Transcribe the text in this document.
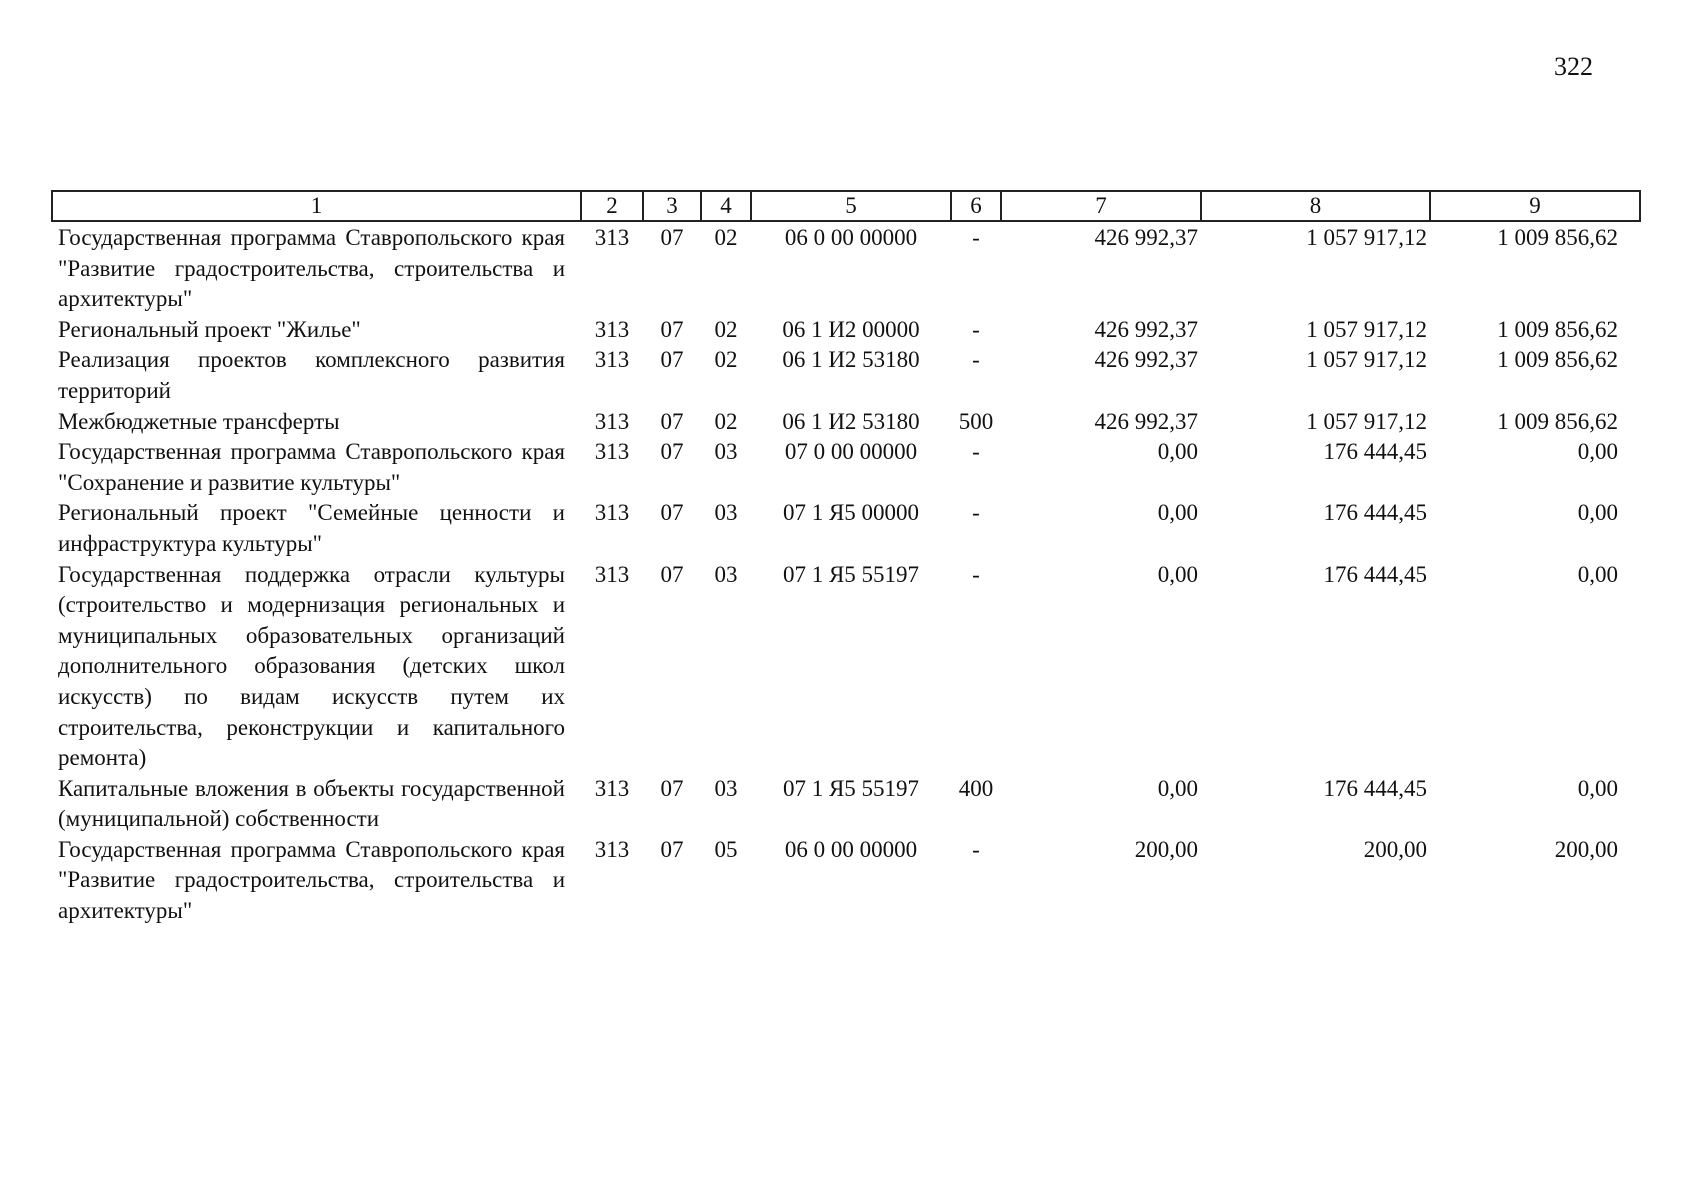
322
1	2	3	4	5	6	7	8	9
Государственная программа Ставропольского края "Развитие градостроительства, строительства и архитектуры"	313	07	02	06 0 00 00000	-	426 992,37	1 057 917,12	1 009 856,62
Региональный проект "Жилье"	313	07	02	06 1 И2 00000	-	426 992,37	1 057 917,12	1 009 856,62
Реализация проектов комплексного развития территорий	313	07	02	06 1 И2 53180	-	426 992,37	1 057 917,12	1 009 856,62
Межбюджетные трансферты	313	07	02	06 1 И2 53180	500	426 992,37	1 057 917,12	1 009 856,62
Государственная программа Ставропольского края "Сохранение и развитие культуры"	313	07	03	07 0 00 00000	-	0,00	176 444,45	0,00
Региональный проект "Семейные ценности и инфраструктура культуры"	313	07	03	07 1 Я5 00000	-	0,00	176 444,45	0,00
Государственная поддержка отрасли культуры (строительство и модернизация региональных и муниципальных образовательных организаций дополнительного образования (детских школ искусств) по видам искусств путем их строительства, реконструкции и капитального ремонта)	313	07	03	07 1 Я5 55197	-	0,00	176 444,45	0,00
Капитальные вложения в объекты государственной (муниципальной) собственности	313	07	03	07 1 Я5 55197	400	0,00	176 444,45	0,00
Государственная программа Ставропольского края "Развитие градостроительства, строительства и архитектуры"	313	07	05	06 0 00 00000	-	200,00	200,00	200,00
